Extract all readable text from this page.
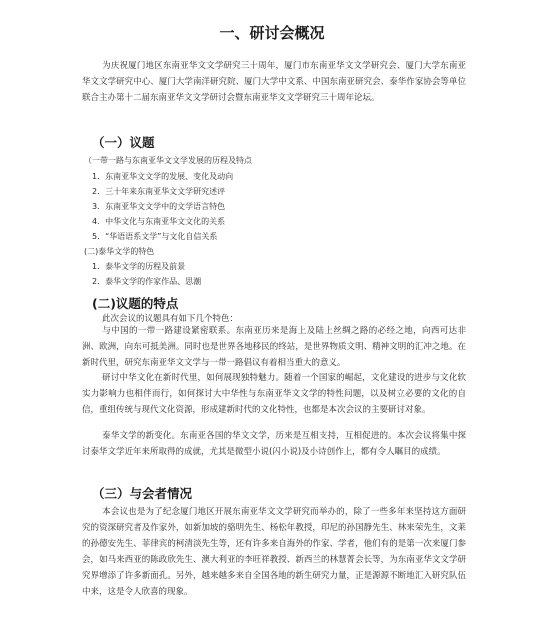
一、研讨会概况

为庆祝厦门地区东南亚华文文学研究三十周年，厦门市东南亚华文文学研究会、厦门大学东南亚华文文学研究中心、厦门大学南洋研究院、厦门大学中文系、中国东南亚研究会、泰华作家协会等单位联合主办第十二届东南亚华文文学研讨会暨东南亚华文文学研究三十周年论坛。

（一）议题
（一带一路与东南亚华文文学发展的历程及特点
1．东南亚华文文学的发展、变化及动向
2．三十年来东南亚华文文学研究述评
3．东南亚华文文学中的文学语言特色
4．中华文化与东南亚华文文化的关系
5．“华语语系文学”与文化自信关系
(二)泰华文学的特色
1．泰华文学的历程及前景
2．泰华文学的作家作品、思潮
(二)议题的特点

此次会议的议题具有如下几个特色：

与中国的一带一路建设紧密联系。东南亚历来是海上及陆上丝绸之路的必经之地，向西可达非洲、欧洲，向东可抵美洲。同时也是世界各地移民的终站，是世界物质文明、精神文明的汇冲之地。在新时代里，研究东南亚华文文学与一带一路倡议有着相当重大的意义。

研讨中华文化在新时代里，如何展现独特魅力。随着一个国家的崛起，文化建设的进步与文化软实力影响力也相伴而行，如何探讨大中华性与东南亚华文文学的特性问题，以及树立必要的文化的自信，重组传统与现代文化资源，形成建新时代的文化特性，也都是本次会议的主要研讨对象。

泰华文学的新变化。东南亚各国的华文文学，历来是互相支持，互相促进的。本次会议将集中探讨泰华文学近年来所取得的成就，尤其是微型小说(闪小说)及小诗创作上，都有令人瞩目的成绩。

（三）与会者情况

本会议也是为了纪念厦门地区开展东南亚华文文学研究而举办的，除了一些多年来坚持这方面研究的资深研究者及作家外，如新加坡的骆明先生、杨松年教授，印尼的孙国静先生、林来荣先生，文莱的孙德安先生、菲律宾的柯清淡先生等，还有许多来自海外的作家、学者，他们有的是第一次来厦门参会，如马来西亚的陈政欣先生、澳大利亚的李旺祥教授、新西兰的林慧菁会长等，为东南亚华文文学研究界增添了许多新面孔。另外，越来越多来自全国各地的新生研究力量，正是源源不断地汇入研究队伍中来，这是令人欣喜的现象。
